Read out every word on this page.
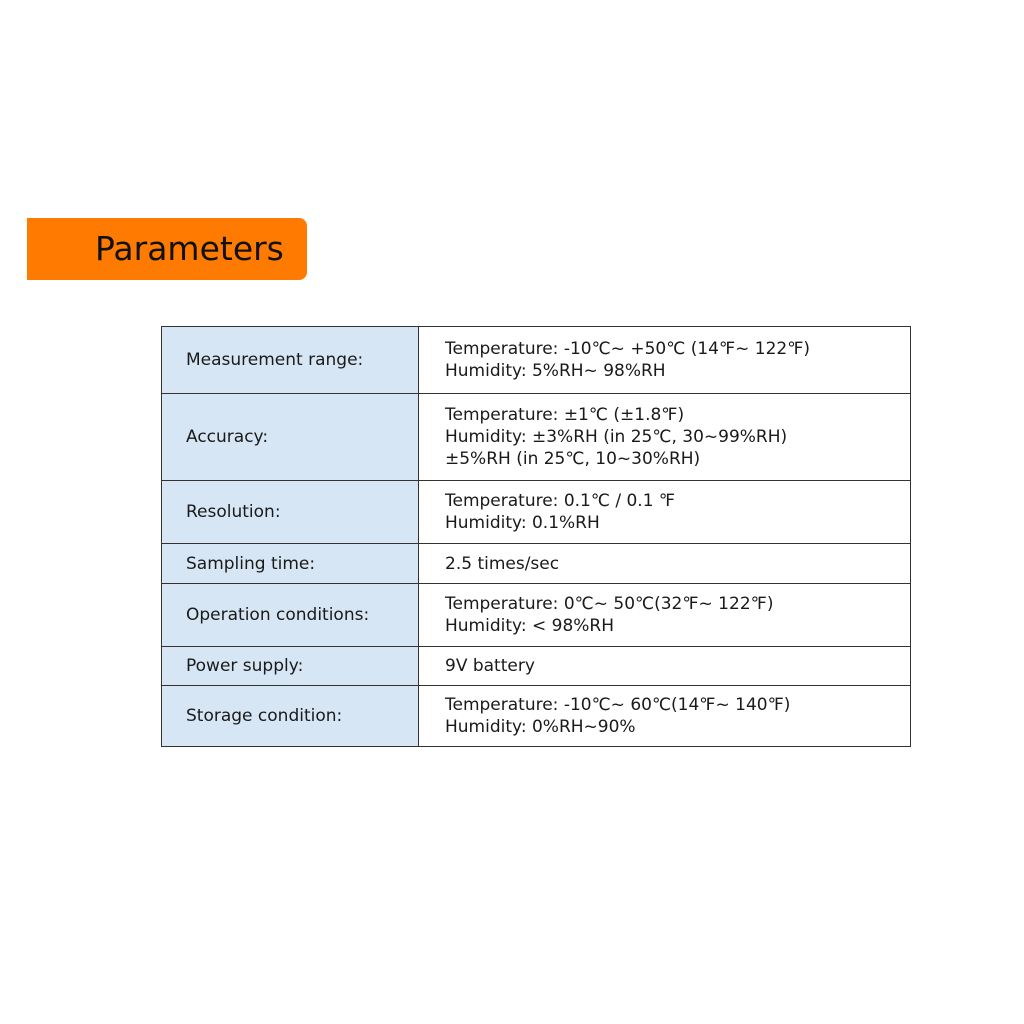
Parameters
Measurement range:	Temperature: -10℃~ +50℃ (14℉~ 122℉)
Humidity: 5%RH~ 98%RH

Accuracy:	Temperature: ±1℃ (±1.8℉)
Humidity: ±3%RH (in 25℃, 30~99%RH)
±5%RH (in 25℃, 10~30%RH)

Resolution:	Temperature: 0.1℃ / 0.1 ℉
Humidity: 0.1%RH

Sampling time:	2.5 times/sec

Operation conditions:	Temperature: 0℃~ 50℃(32℉~ 122℉)
Humidity: < 98%RH

Power supply:	9V battery

Storage condition:	Temperature: -10℃~ 60℃(14℉~ 140℉)
Humidity: 0%RH~90%
